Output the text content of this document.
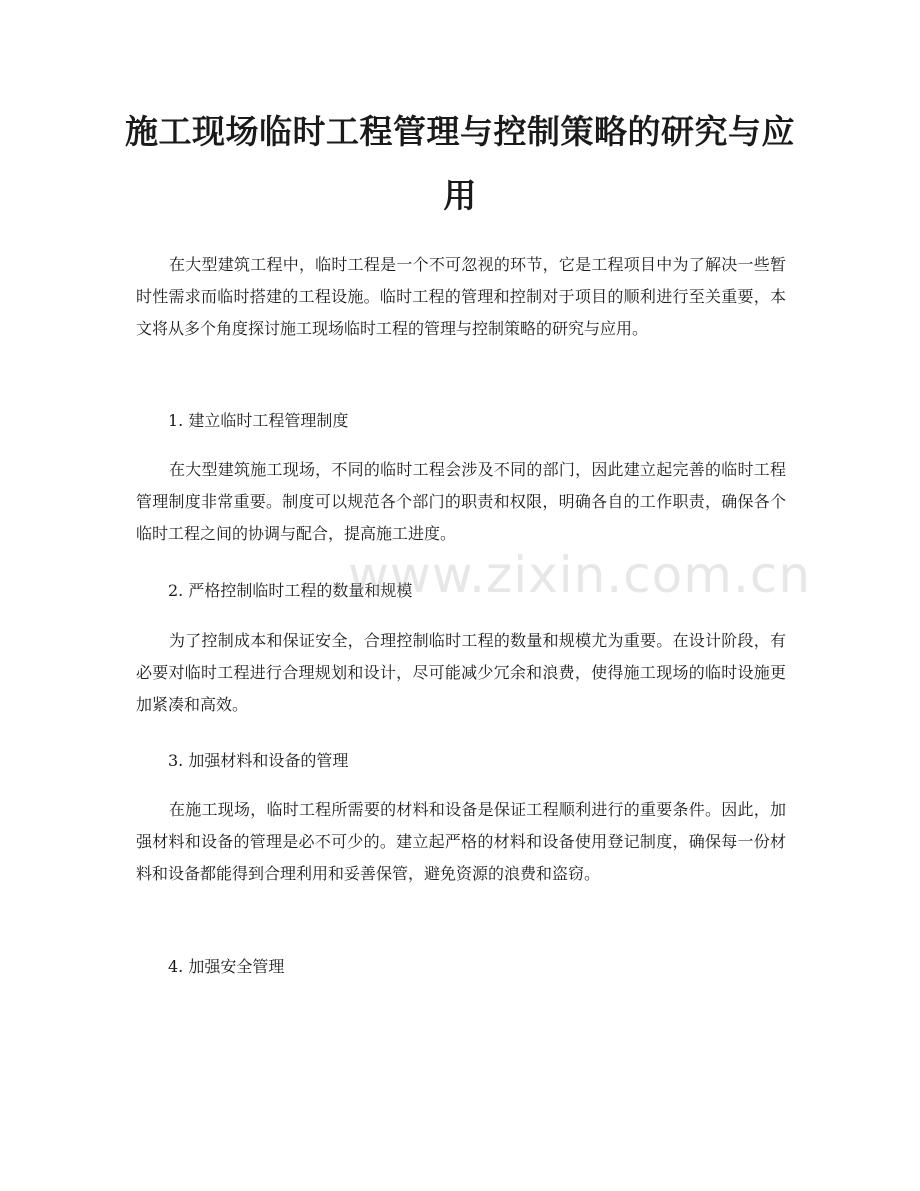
施工现场临时工程管理与控制策略的研究与应用

在大型建筑工程中，临时工程是一个不可忽视的环节，它是工程项目中为了解决一些暂时性需求而临时搭建的工程设施。临时工程的管理和控制对于项目的顺利进行至关重要，本文将从多个角度探讨施工现场临时工程的管理与控制策略的研究与应用。

1. 建立临时工程管理制度

在大型建筑施工现场，不同的临时工程会涉及不同的部门，因此建立起完善的临时工程管理制度非常重要。制度可以规范各个部门的职责和权限，明确各自的工作职责，确保各个临时工程之间的协调与配合，提高施工进度。

2. 严格控制临时工程的数量和规模

为了控制成本和保证安全，合理控制临时工程的数量和规模尤为重要。在设计阶段，有必要对临时工程进行合理规划和设计，尽可能减少冗余和浪费，使得施工现场的临时设施更加紧凑和高效。

3. 加强材料和设备的管理

在施工现场，临时工程所需要的材料和设备是保证工程顺利进行的重要条件。因此，加强材料和设备的管理是必不可少的。建立起严格的材料和设备使用登记制度，确保每一份材料和设备都能得到合理利用和妥善保管，避免资源的浪费和盗窃。

4. 加强安全管理

www.zixin.com.cn
